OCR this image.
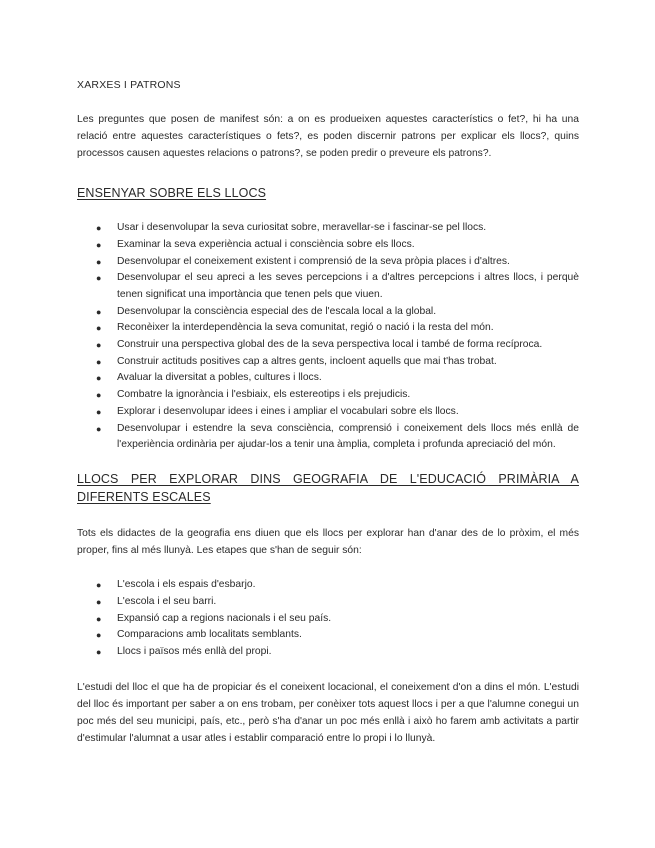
XARXES I PATRONS

Les preguntes que posen de manifest són: a on es produeixen aquestes característics o fet?, hi ha una relació entre aquestes característiques o fets?, es poden discernir patrons per explicar els llocs?, quins processos causen aquestes relacions o patrons?, se poden predir o preveure els patrons?.

ENSENYAR SOBRE ELS LLOCS
● Usar i desenvolupar la seva curiositat sobre, meravellar-se i fascinar-se pel llocs.
● Examinar la seva experiència actual i consciència sobre els llocs.
● Desenvolupar el coneixement existent i comprensió de la seva pròpia places i d'altres.
● Desenvolupar el seu apreci a les seves percepcions i a d'altres percepcions i altres llocs, i perquè tenen significat una importància que tenen pels que viuen.
● Desenvolupar la consciència especial des de l'escala local a la global.
● Reconèixer la interdependència la seva comunitat, regió o nació i la resta del món.
● Construir una perspectiva global des de la seva perspectiva local i també de forma recíproca.
● Construir actituds positives cap a altres gents, incloent aquells que mai t'has trobat.
● Avaluar la diversitat a pobles, cultures i llocs.
● Combatre la ignorància i l'esbiaix, els estereotips i els prejudicis.
● Explorar i desenvolupar idees i eines i ampliar el vocabulari sobre els llocs.
● Desenvolupar i estendre la seva consciència, comprensió i coneixement dels llocs més enllà de l'experiència ordinària per ajudar-los a tenir una àmplia, completa i profunda apreciació del món.
LLOCS PER EXPLORAR DINS GEOGRAFIA DE L'EDUCACIÓ PRIMÀRIA A DIFERENTS ESCALES

Tots els didactes de la geografia ens diuen que els llocs per explorar han d'anar des de lo pròxim, el més proper, fins al més llunyà. Les etapes que s'han de seguir són:

● L'escola i els espais d'esbarjo.
● L'escola i el seu barri.
● Expansió cap a regions nacionals i el seu país.
● Comparacions amb localitats semblants.
● Llocs i països més enllà del propi.

L'estudi del lloc el que ha de propiciar és el coneixent locacional, el coneixement d'on a dins el món. L'estudi del lloc és important per saber a on ens trobam, per conèixer tots aquest llocs i per a que l'alumne conegui un poc més del seu municipi, país, etc., però s'ha d'anar un poc més enllà i això ho farem amb activitats a partir d'estimular l'alumnat a usar atles i establir comparació entre lo propi i lo llunyà.
